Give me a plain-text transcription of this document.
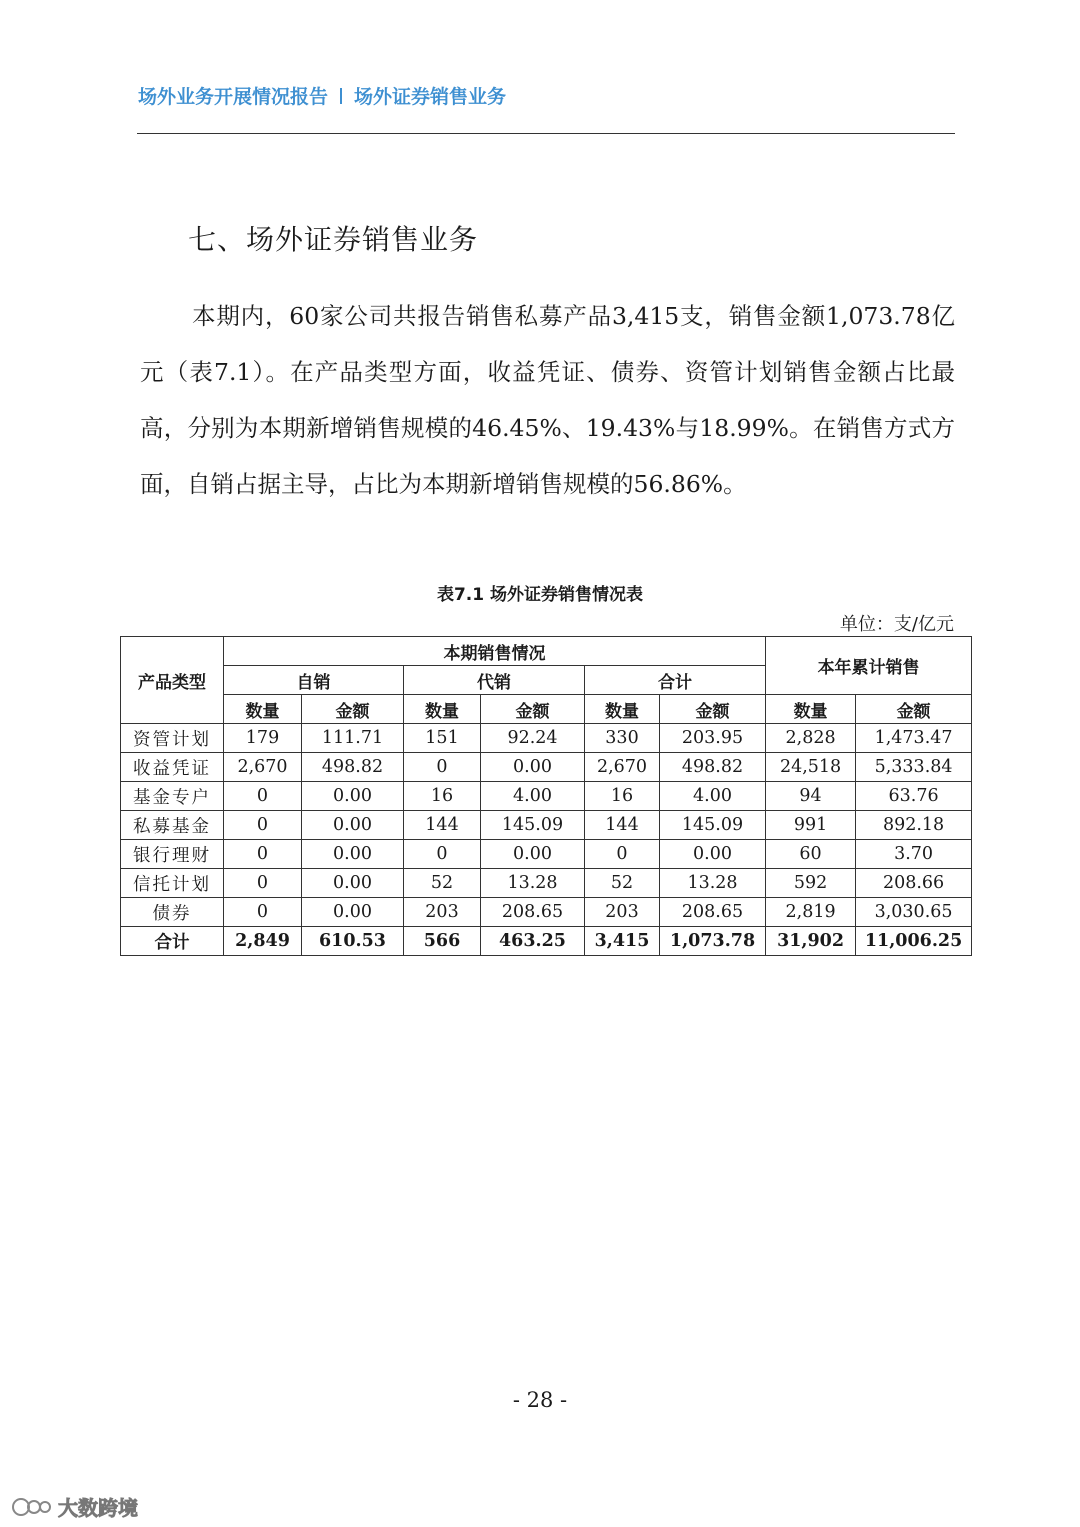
场外业务开展情况报告 场外证券销售业务
七、场外证券销售业务

本期内，60家公司共报告销售私募产品3,415支，销售金额1,073.78亿元（表7.1）。在产品类型方面，收益凭证、债券、资管计划销售金额占比最高，分别为本期新增销售规模的46.45%、19.43%与18.99%。在销售方式方面，自销占据主导，占比为本期新增销售规模的56.86%。

表7.1 场外证券销售情况表
单位：支/亿元
产品类型	本期销售情况						本年累计销售	
	自销		代销		合计			
	数量	金额	数量	金额	数量	金额	数量	金额
资管计划	179	111.71	151	92.24	330	203.95	2,828	1,473.47
收益凭证	2,670	498.82	0	0.00	2,670	498.82	24,518	5,333.84
基金专户	0	0.00	16	4.00	16	4.00	94	63.76
私募基金	0	0.00	144	145.09	144	145.09	991	892.18
银行理财	0	0.00	0	0.00	0	0.00	60	3.70
信托计划	0	0.00	52	13.28	52	13.28	592	208.66
债券	0	0.00	203	208.65	203	208.65	2,819	3,030.65
合计	2,849	610.53	566	463.25	3,415	1,073.78	31,902	11,006.25
- 28 -
大数跨境
